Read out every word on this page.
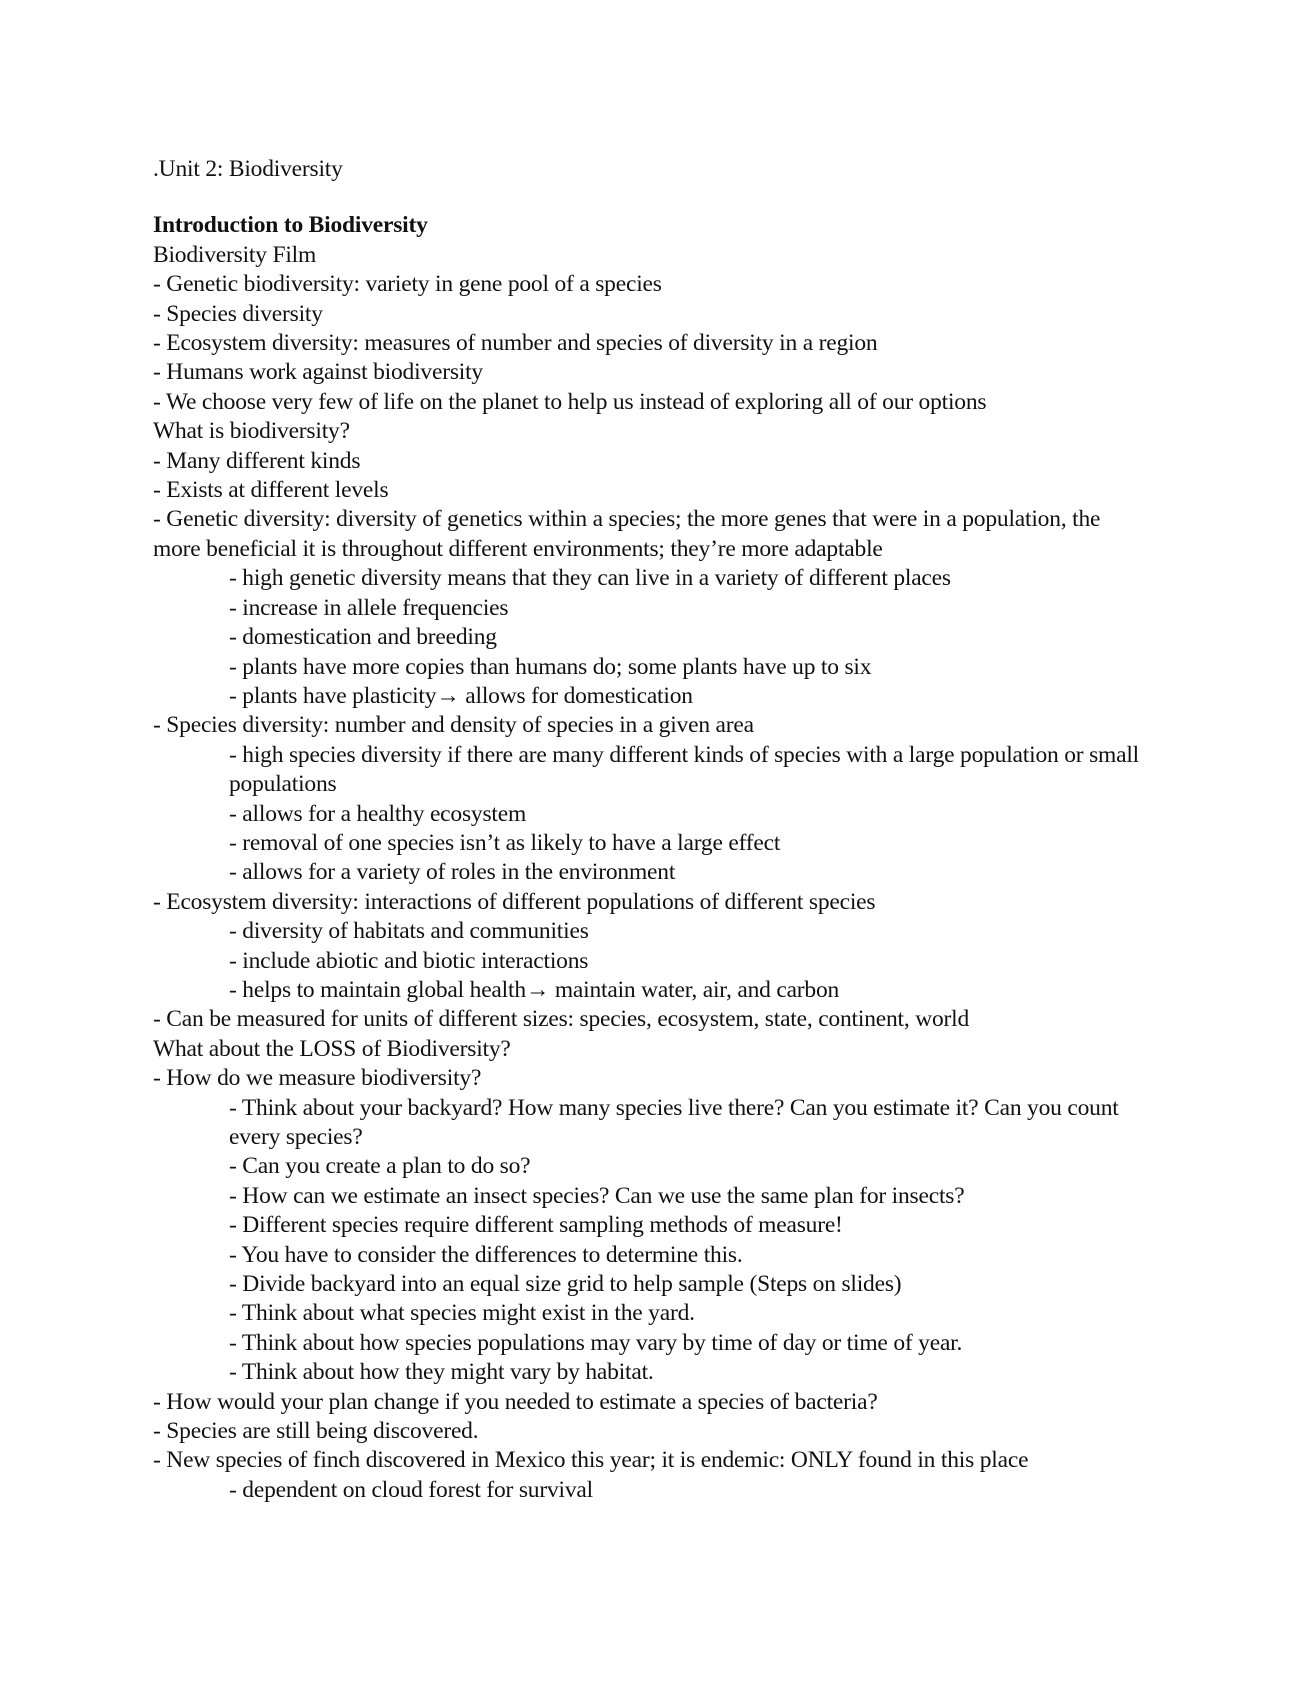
.Unit 2: Biodiversity

Introduction to Biodiversity

Biodiversity Film
- Genetic biodiversity: variety in gene pool of a species
- Species diversity
- Ecosystem diversity: measures of number and species of diversity in a region
- Humans work against biodiversity
- We choose very few of life on the planet to help us instead of exploring all of our options
What is biodiversity?
- Many different kinds
- Exists at different levels
- Genetic diversity: diversity of genetics within a species; the more genes that were in a population, the more beneficial it is throughout different environments; they’re more adaptable
- high genetic diversity means that they can live in a variety of different places
- increase in allele frequencies
- domestication and breeding
- plants have more copies than humans do; some plants have up to six
- plants have plasticity→ allows for domestication
- Species diversity: number and density of species in a given area
- high species diversity if there are many different kinds of species with a large population or small populations
- allows for a healthy ecosystem
- removal of one species isn’t as likely to have a large effect
- allows for a variety of roles in the environment
- Ecosystem diversity: interactions of different populations of different species
- diversity of habitats and communities
- include abiotic and biotic interactions
- helps to maintain global health→ maintain water, air, and carbon
- Can be measured for units of different sizes: species, ecosystem, state, continent, world
What about the LOSS of Biodiversity?
- How do we measure biodiversity?
- Think about your backyard? How many species live there? Can you estimate it? Can you count every species?
- Can you create a plan to do so?
- How can we estimate an insect species? Can we use the same plan for insects?
- Different species require different sampling methods of measure!
- You have to consider the differences to determine this.
- Divide backyard into an equal size grid to help sample (Steps on slides)
- Think about what species might exist in the yard.
- Think about how species populations may vary by time of day or time of year.
- Think about how they might vary by habitat.
- How would your plan change if you needed to estimate a species of bacteria?
- Species are still being discovered.
- New species of finch discovered in Mexico this year; it is endemic: ONLY found in this place
- dependent on cloud forest for survival
